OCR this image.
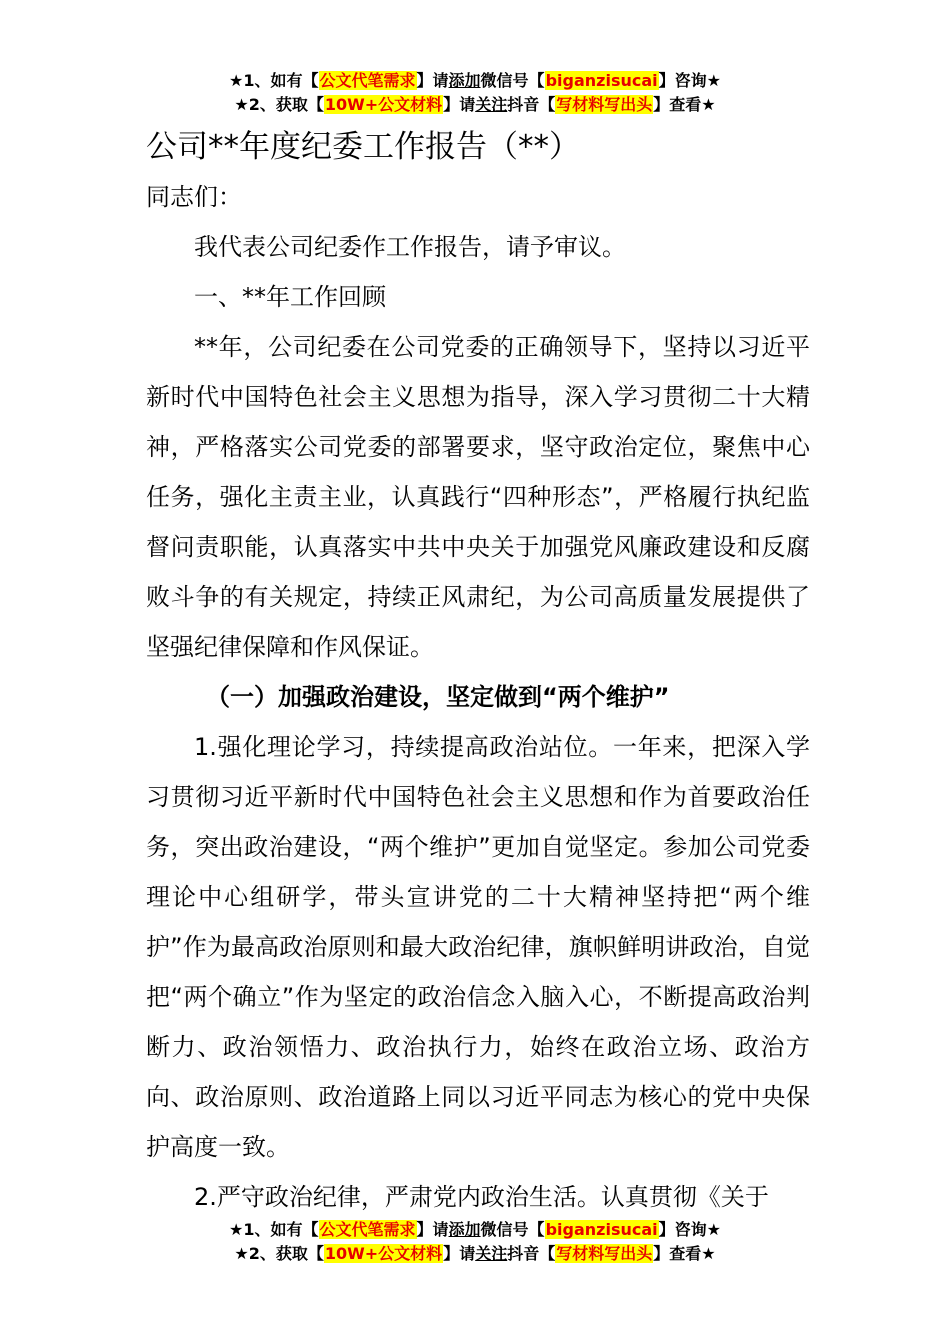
★1、如有【公文代笔需求】请添加微信号【biganzisucai】咨询★
★2、获取【10W+公文材料】请关注抖音【写材料写出头】查看★
公司**年度纪委工作报告（**）

同志们：

我代表公司纪委作工作报告，请予审议。

一、**年工作回顾

**年，公司纪委在公司党委的正确领导下，坚持以习近平新时代中国特色社会主义思想为指导，深入学习贯彻二十大精神，严格落实公司党委的部署要求，坚守政治定位，聚焦中心任务，强化主责主业，认真践行“四种形态”，严格履行执纪监督问责职能，认真落实中共中央关于加强党风廉政建设和反腐败斗争的有关规定，持续正风肃纪，为公司高质量发展提供了坚强纪律保障和作风保证。

（一）加强政治建设，坚定做到“两个维护”

1.强化理论学习，持续提高政治站位。一年来，把深入学习贯彻习近平新时代中国特色社会主义思想和作为首要政治任务，突出政治建设，“两个维护”更加自觉坚定。参加公司党委理论中心组研学，带头宣讲党的二十大精神坚持把“两个维护”作为最高政治原则和最大政治纪律，旗帜鲜明讲政治，自觉把“两个确立”作为坚定的政治信念入脑入心，不断提高政治判断力、政治领悟力、政治执行力，始终在政治立场、政治方向、政治原则、政治道路上同以习近平同志为核心的党中央保护高度一致。

2.严守政治纪律，严肃党内政治生活。认真贯彻《关于

★1、如有【公文代笔需求】请添加微信号【biganzisucai】咨询★
★2、获取【10W+公文材料】请关注抖音【写材料写出头】查看★
